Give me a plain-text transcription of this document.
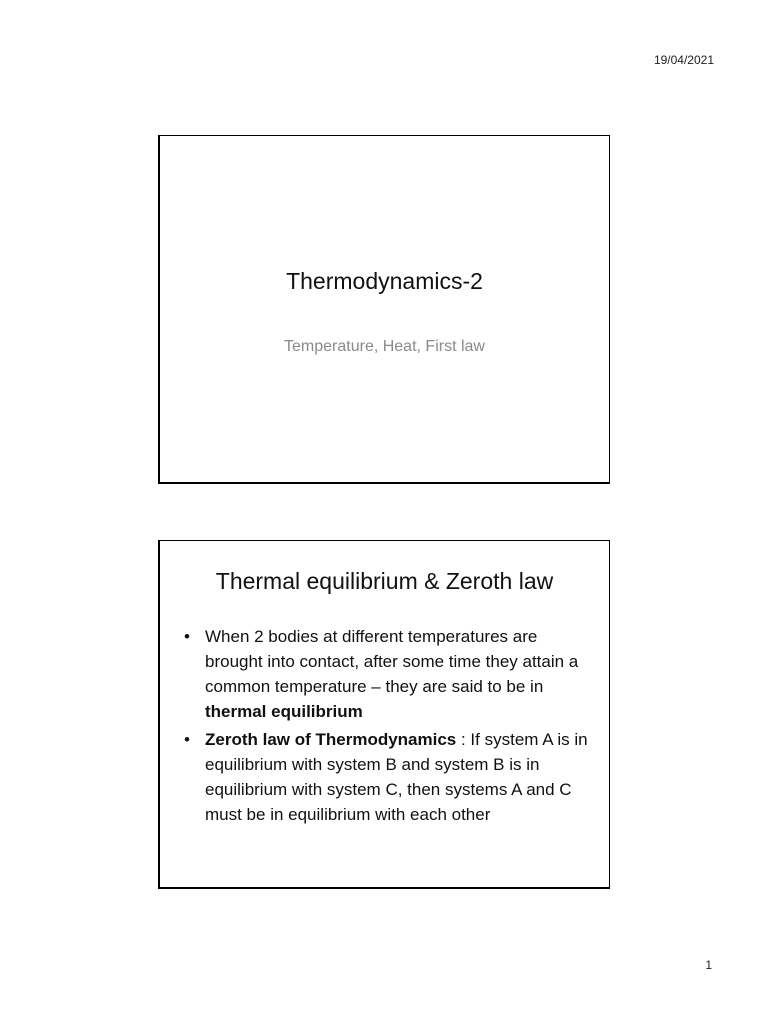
19/04/2021
Thermodynamics-2
Temperature, Heat, First law
Thermal equilibrium & Zeroth law
• When 2 bodies at different temperatures are brought into contact, after some time they attain a common temperature – they are said to be in thermal equilibrium
• Zeroth law of Thermodynamics : If system A is in equilibrium with system B and system B is in equilibrium with system C, then systems A and C must be in equilibrium with each other
1
